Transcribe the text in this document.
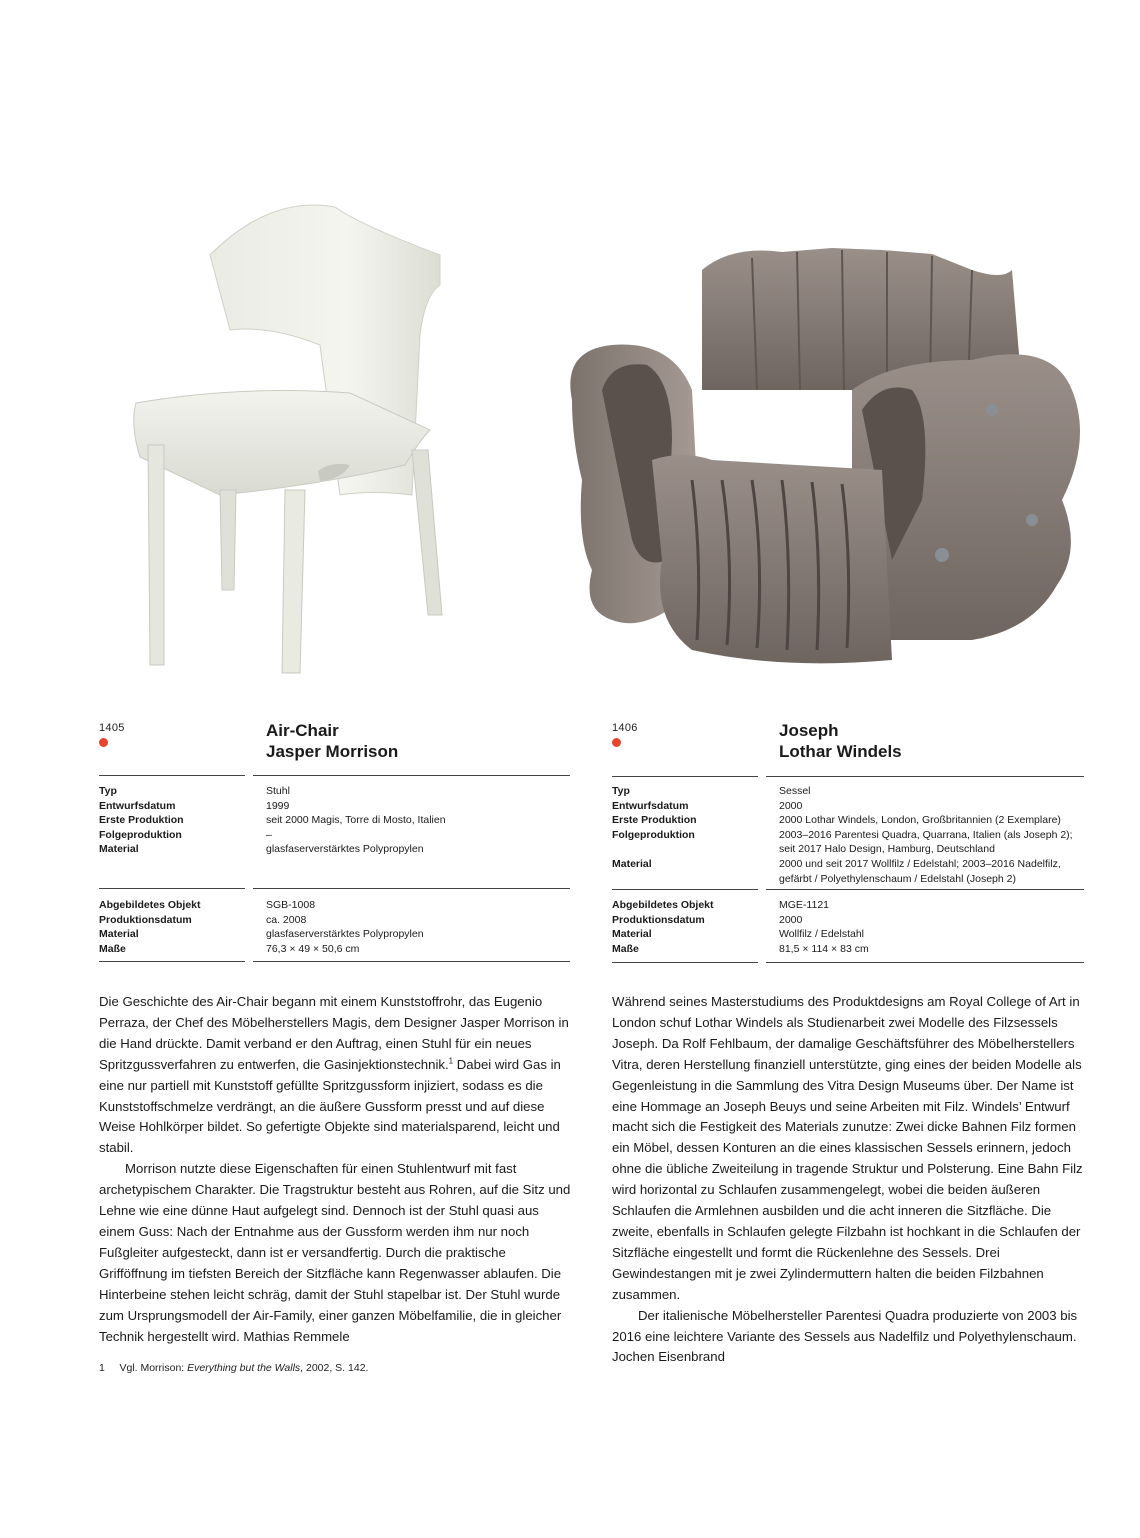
1405	Air-Chair
Jasper Morrison
Typ
Entwurfsdatum
Erste Produktion
Folgeproduktion
Material
Stuhl
1999
seit 2000 Magis, Torre di Mosto, Italien
–
glasfaserverstärktes Polypropylen
Abgebildetes Objekt
Produktionsdatum
Material
Maße
SGB-1008
ca. 2008
glasfaserverstärktes Polypropylen
76,3 × 49 × 50,6 cm

Die Geschichte des Air-Chair begann mit einem Kunststoffrohr, das Eugenio Perraza, der Chef des Möbelherstellers Magis, dem Designer Jasper Morrison in die Hand drückte. Damit verband er den Auftrag, einen Stuhl für ein neues Spritzgussverfahren zu entwerfen, die Gasinjektionstechnik.$^1$ Dabei wird Gas in eine nur partiell mit Kunststoff gefüllte Spritzgussform injiziert, sodass es die Kunststoffschmelze verdrängt, an die äußere Gussform presst und auf diese Weise Hohlkörper bildet. So gefertigte Objekte sind materialsparend, leicht und stabil.

Morrison nutzte diese Eigenschaften für einen Stuhlentwurf mit fast archetypischem Charakter. Die Tragstruktur besteht aus Rohren, auf die Sitz und Lehne wie eine dünne Haut aufgelegt sind. Dennoch ist der Stuhl quasi aus einem Guss: Nach der Entnahme aus der Gussform werden ihm nur noch Fußgleiter aufgesteckt, dann ist er versandfertig. Durch die praktische Grifföffnung im tiefsten Bereich der Sitzfläche kann Regenwasser ablaufen. Die Hinterbeine stehen leicht schräg, damit der Stuhl stapelbar ist. Der Stuhl wurde zum Ursprungsmodell der Air-Family, einer ganzen Möbelfamilie, die in gleicher Technik hergestellt wird. Mathias Remmele

1 Vgl. Morrison: Everything but the Walls, 2002, S. 142.
1406	Joseph
Lothar Windels
Typ
Entwurfsdatum
Erste Produktion
Folgeproduktion
Material
Sessel
2000
2000 Lothar Windels, London, Großbritannien (2 Exemplare)
2003–2016 Parentesi Quadra, Quarrana, Italien (als Joseph 2);
seit 2017 Halo Design, Hamburg, Deutschland
2000 und seit 2017 Wollfilz / Edelstahl; 2003–2016 Nadelfilz,
gefärbt / Polyethylenschaum / Edelstahl (Joseph 2)
Abgebildetes Objekt
Produktionsdatum
Material
Maße
MGE-1121
2000
Wollfilz / Edelstahl
81,5 × 114 × 83 cm

Während seines Masterstudiums des Produktdesigns am Royal College of Art in London schuf Lothar Windels als Studienarbeit zwei Modelle des Filzsessels Joseph. Da Rolf Fehlbaum, der damalige Geschäftsführer des Möbelherstellers Vitra, deren Herstellung finanziell unterstützte, ging eines der beiden Modelle als Gegenleistung in die Sammlung des Vitra Design Museums über. Der Name ist eine Hommage an Joseph Beuys und seine Arbeiten mit Filz. Windels’ Entwurf macht sich die Festigkeit des Materials zunutze: Zwei dicke Bahnen Filz formen ein Möbel, dessen Konturen an die eines klassischen Sessels erinnern, jedoch ohne die übliche Zweiteilung in tragende Struktur und Polsterung. Eine Bahn Filz wird horizontal zu Schlaufen zusammengelegt, wobei die beiden äußeren Schlaufen die Armlehnen ausbilden und die acht inneren die Sitzfläche. Die zweite, ebenfalls in Schlaufen gelegte Filzbahn ist hochkant in die Schlaufen der Sitzfläche eingestellt und formt die Rückenlehne des Sessels. Drei Gewindestangen mit je zwei Zylindermuttern halten die beiden Filzbahnen zusammen.

Der italienische Möbelhersteller Parentesi Quadra produzierte von 2003 bis 2016 eine leichtere Variante des Sessels aus Nadelfilz und Polyethylenschaum. Jochen Eisenbrand
